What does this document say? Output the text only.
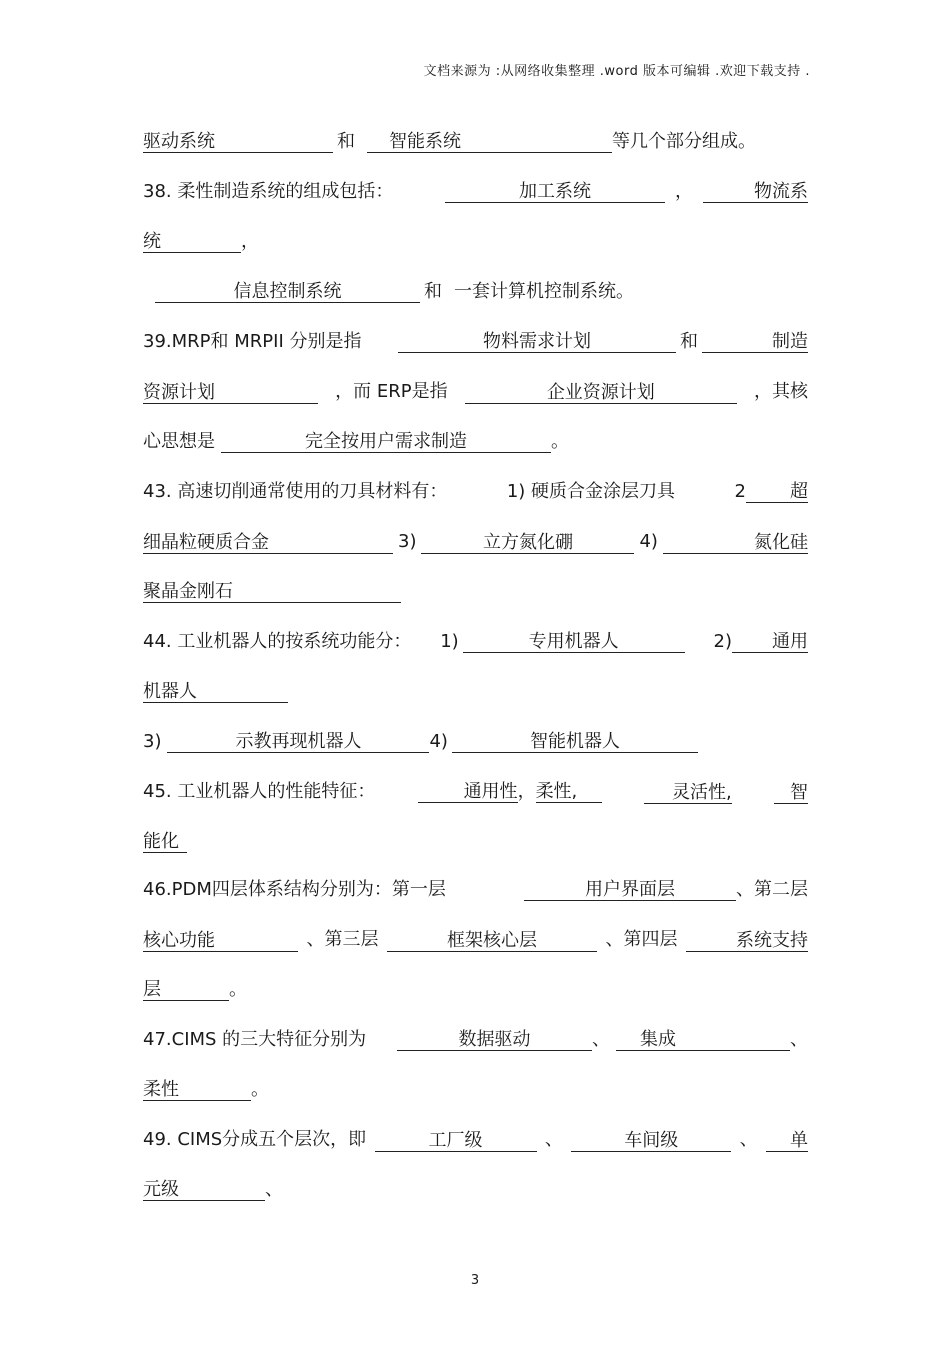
文档来源为 :从网络收集整理 .word 版本可编辑 .欢迎下载支持 .
驱动系统	和 智能系统	等几个部分组成。
38. 柔性制造系统的组成包括：	加工系统	，	物流系
统	，
信息控制系统	和 一套计算机控制系统。
39.MRP和 MRPII 分别是指	物料需求计划	和	制造
资源计划	，而 ERP是指	企业资源计划	，其核
心思想是	完全按用户需求制造	。
43. 高速切削通常使用的刀具材料有：	1) 硬质合金涂层刀具	2 超
细晶粒硬质合金	3)	立方氮化硼	4)	氮化硅
聚晶金刚石
44. 工业机器人的按系统功能分： 1)	专用机器人	2) 通用
机器人
3)	示教再现机器人	4)	智能机器人
45. 工业机器人的性能特征：	通用性，柔性,	灵活性,	智
能化
46.PDM四层体系结构分别为：第一层	用户界面层	、第二层
核心功能	、第三层	框架核心层	、第四层	系统支持
层	。
47.CIMS 的三大特征分别为	数据驱动	、 集成	、
柔性	。
49. CIMS分成五个层次，即	工厂级	、	车间级	、	单
元级	、
3
